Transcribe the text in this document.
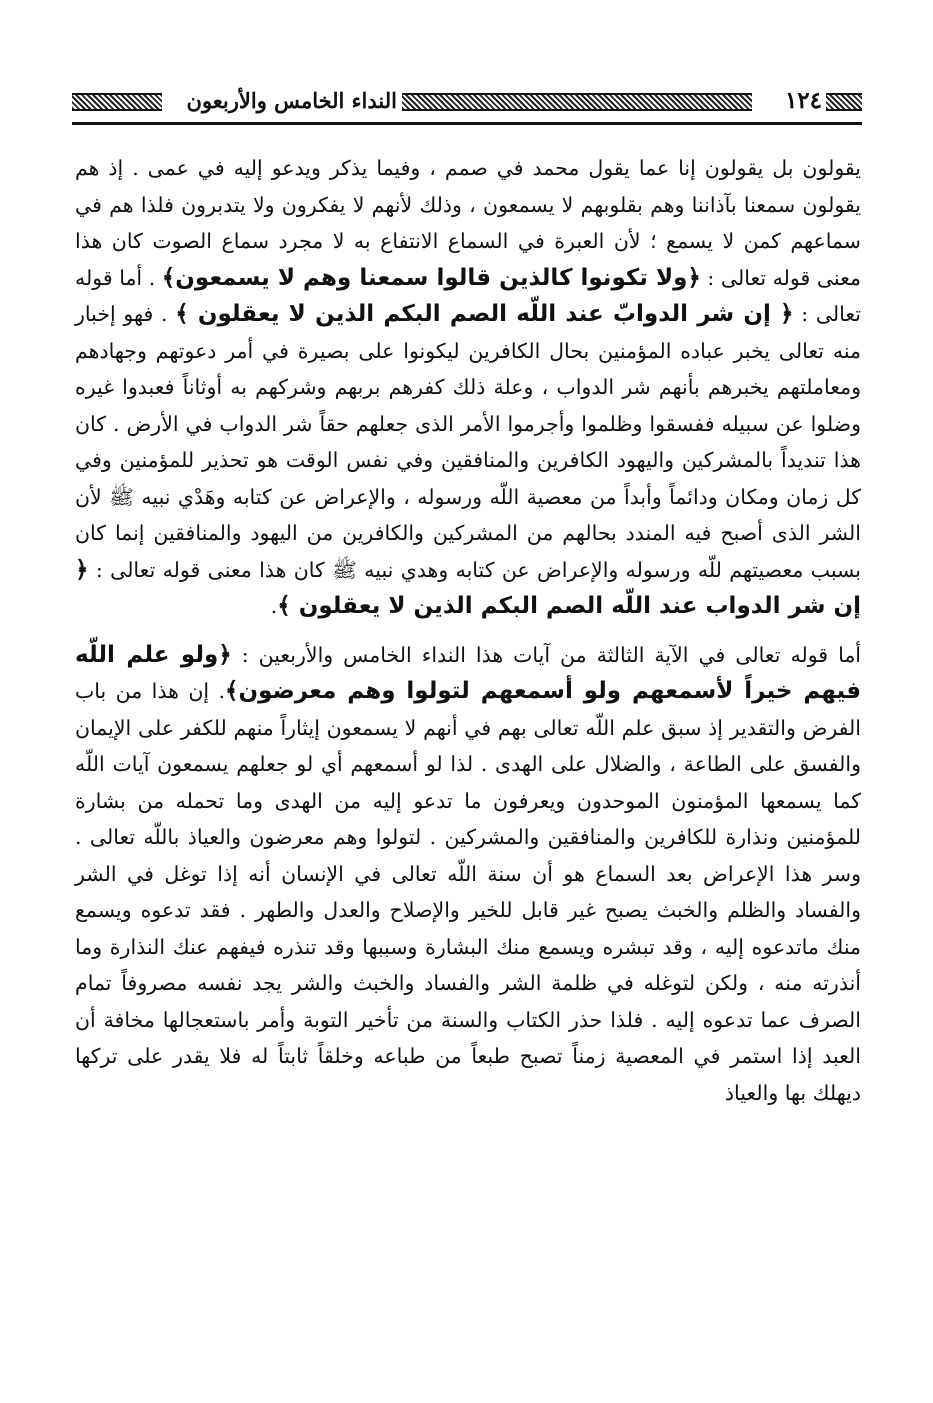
١٢٤
النداء الخامس والأربعون

يقولون بل يقولون إنا عما يقول محمد في صمم ، وفيما يذكر ويدعو إليه في عمى . إذ هم يقولون سمعنا بآذاننا وهم بقلوبهم لا يسمعون ، وذلك لأنهم لا يفكرون ولا يتدبرون فلذا هم في سماعهم كمن لا يسمع ؛ لأن العبرة في السماع الانتفاع به لا مجرد سماع الصوت كان هذا معنى قوله تعالى : ﴿ولا تكونوا كالذين قالوا سمعنا وهم لا يسمعون﴾ . أما قوله تعالى : ﴿ إن شر الدوابّ عند اللّه الصم البكم الذين لا يعقلون ﴾ . فهو إخبار منه تعالى يخبر عباده المؤمنين بحال الكافرين ليكونوا على بصيرة في أمر دعوتهم وجهادهم ومعاملتهم يخبرهم بأنهم شر الدواب ، وعلة ذلك كفرهم بربهم وشركهم به أوثاناً فعبدوا غيره وضلوا عن سبيله ففسقوا وظلموا وأجرموا الأمر الذى جعلهم حقاً شر الدواب في الأرض . كان هذا تنديداً بالمشركين واليهود الكافرين والمنافقين وفي نفس الوقت هو تحذير للمؤمنين وفي كل زمان ومكان ودائماً وأبداً من معصية اللّه ورسوله ، والإعراض عن كتابه وهَدْي نبيه ﷺ لأن الشر الذى أصبح فيه المندد بحالهم من المشركين والكافرين من اليهود والمنافقين إنما كان بسبب معصيتهم للّه ورسوله والإعراض عن كتابه وهدي نبيه ﷺ كان هذا معنى قوله تعالى : ﴿ إن شر الدواب عند اللّه الصم البكم الذين لا يعقلون ﴾.

أما قوله تعالى في الآية الثالثة من آيات هذا النداء الخامس والأربعين : ﴿ولو علم اللّه فيهم خيراً لأسمعهم ولو أسمعهم لتولوا وهم معرضون﴾. إن هذا من باب الفرض والتقدير إذ سبق علم اللّه تعالى بهم في أنهم لا يسمعون إيثاراً منهم للكفر على الإيمان والفسق على الطاعة ، والضلال على الهدى . لذا لو أسمعهم أي لو جعلهم يسمعون آيات اللّه كما يسمعها المؤمنون الموحدون ويعرفون ما تدعو إليه من الهدى وما تحمله من بشارة للمؤمنين ونذارة للكافرين والمنافقين والمشركين . لتولوا وهم معرضون والعياذ باللّه تعالى . وسر هذا الإعراض بعد السماع هو أن سنة اللّه تعالى في الإنسان أنه إذا توغل في الشر والفساد والظلم والخبث يصبح غير قابل للخير والإصلاح والعدل والطهر . فقد تدعوه ويسمع منك ماتدعوه إليه ، وقد تبشره ويسمع منك البشارة وسببها وقد تنذره فيفهم عنك النذارة وما أنذرته منه ، ولكن لتوغله في ظلمة الشر والفساد والخبث والشر يجد نفسه مصروفاً تمام الصرف عما تدعوه إليه . فلذا حذر الكتاب والسنة من تأخير التوبة وأمر باستعجالها مخافة أن العبد إذا استمر في المعصية زمناً تصبح طبعاً من طباعه وخلقاً ثابتاً له فلا يقدر على تركها ديهلك بها والعياذ
